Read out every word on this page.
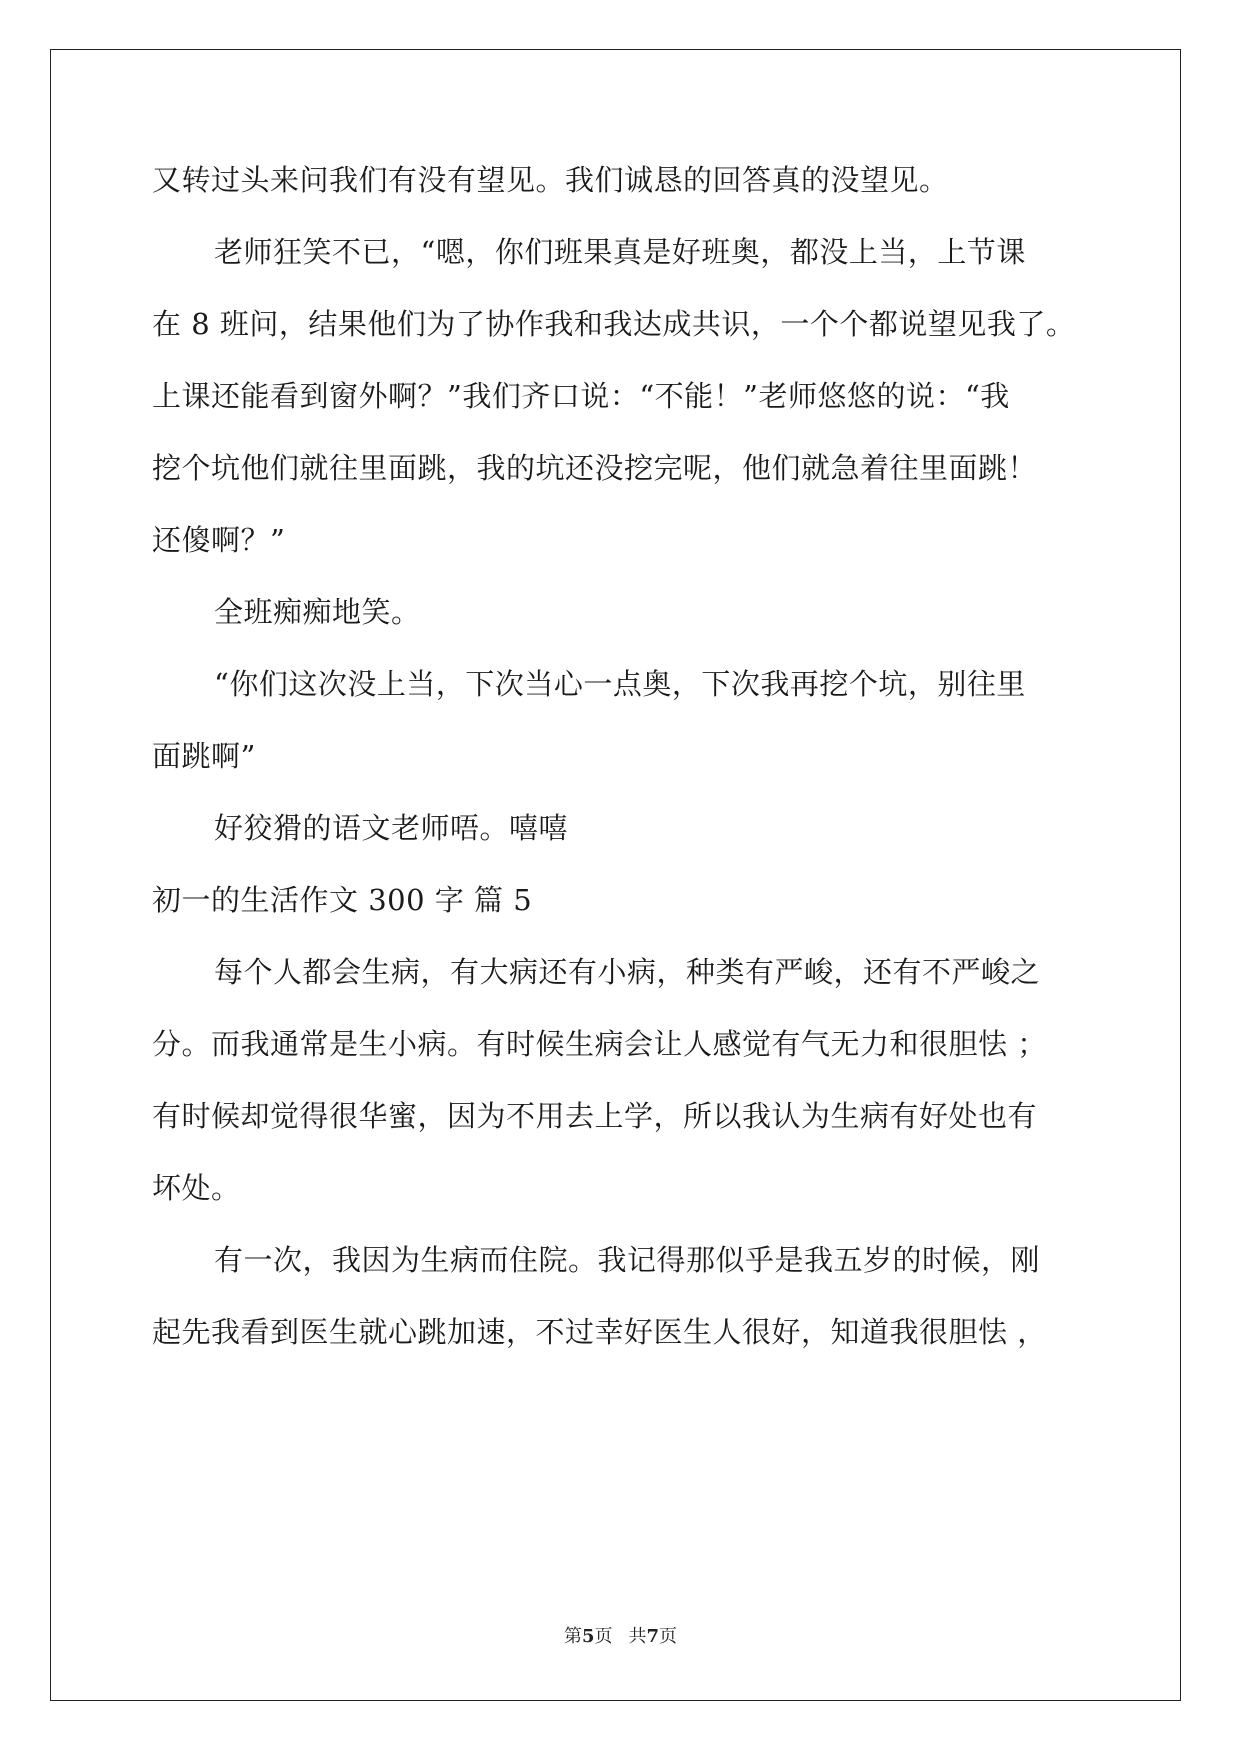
又转过头来问我们有没有望见。我们诚恳的回答真的没望见。
老师狂笑不已，“嗯，你们班果真是好班奥，都没上当，上节课
在 8 班问，结果他们为了协作我和我达成共识，一个个都说望见我了。
上课还能看到窗外啊？”我们齐口说：“不能！”老师悠悠的说：“我
挖个坑他们就往里面跳，我的坑还没挖完呢，他们就急着往里面跳！
还傻啊？”
全班痴痴地笑。
“你们这次没上当，下次当心一点奥，下次我再挖个坑，别往里
面跳啊”
好狡猾的语文老师唔。嘻嘻
初一的生活作文 300 字 篇 5
每个人都会生病，有大病还有小病，种类有严峻，还有不严峻之
分。而我通常是生小病。有时候生病会让人感觉有气无力和很胆怯 ；
有时候却觉得很华蜜，因为不用去上学，所以我认为生病有好处也有
坏处。
有一次，我因为生病而住院。我记得那似乎是我五岁的时候，刚
起先我看到医生就心跳加速，不过幸好医生人很好，知道我很胆怯 ，
第5页 共7页
